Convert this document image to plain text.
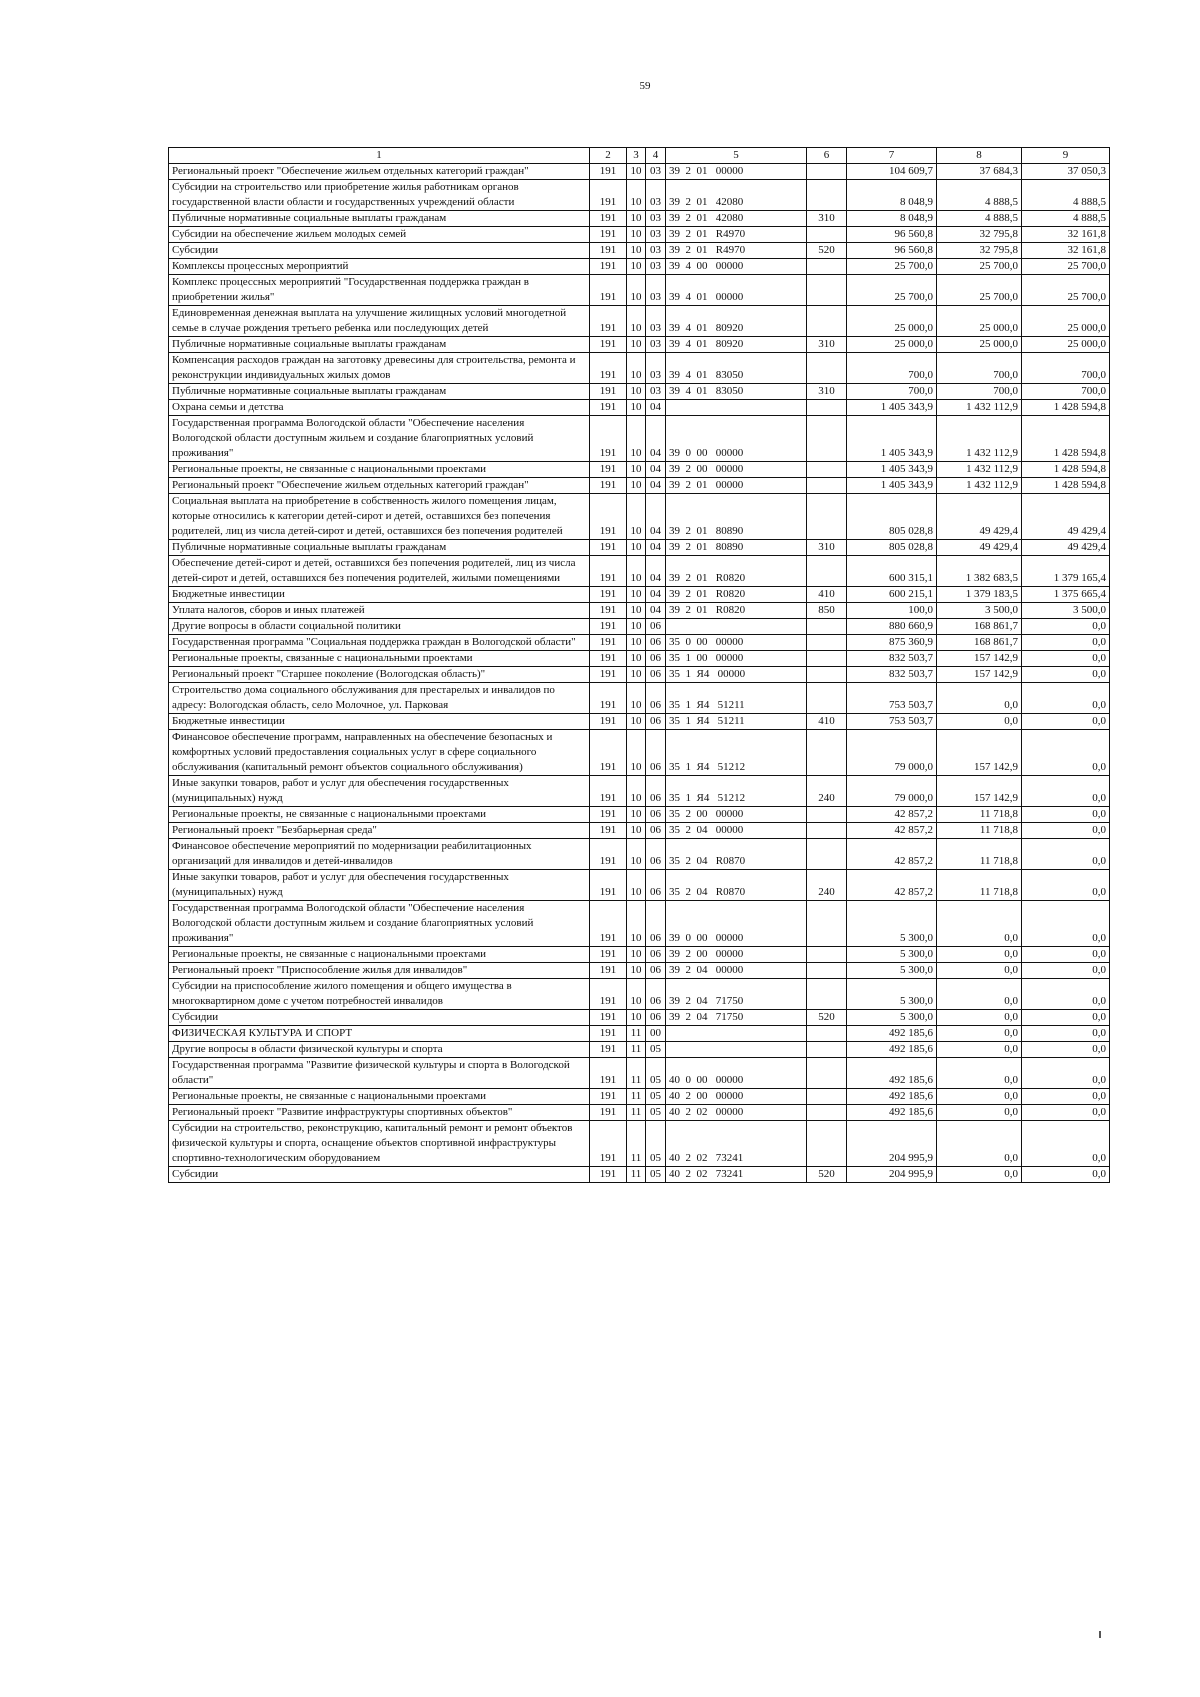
59
1	2	3	4	5	6	7	8	9
Региональный проект "Обеспечение жильем отдельных категорий граждан"	191	10	03	39  2  01   00000		104 609,7	37 684,3	37 050,3
Субсидии на строительство или приобретение жилья работникам органов государственной власти области и государственных учреждений области	191	10	03	39  2  01   42080		8 048,9	4 888,5	4 888,5
Публичные нормативные социальные выплаты гражданам	191	10	03	39  2  01   42080	310	8 048,9	4 888,5	4 888,5
Субсидии на обеспечение жильем молодых семей	191	10	03	39  2  01   R4970		96 560,8	32 795,8	32 161,8
Субсидии	191	10	03	39  2  01   R4970	520	96 560,8	32 795,8	32 161,8
Комплексы процессных мероприятий	191	10	03	39  4  00   00000		25 700,0	25 700,0	25 700,0
Комплекс процессных мероприятий "Государственная поддержка граждан в приобретении жилья"	191	10	03	39  4  01   00000		25 700,0	25 700,0	25 700,0
Единовременная денежная выплата на улучшение жилищных условий многодетной семье в случае рождения третьего ребенка или последующих детей	191	10	03	39  4  01   80920		25 000,0	25 000,0	25 000,0
Публичные нормативные социальные выплаты гражданам	191	10	03	39  4  01   80920	310	25 000,0	25 000,0	25 000,0
Компенсация расходов граждан на заготовку древесины для строительства, ремонта и реконструкции индивидуальных жилых домов	191	10	03	39  4  01   83050		700,0	700,0	700,0
Публичные нормативные социальные выплаты гражданам	191	10	03	39  4  01   83050	310	700,0	700,0	700,0
Охрана семьи и детства	191	10	04			1 405 343,9	1 432 112,9	1 428 594,8
Государственная программа Вологодской области "Обеспечение населения Вологодской области доступным жильем и создание благоприятных условий проживания"	191	10	04	39  0  00   00000		1 405 343,9	1 432 112,9	1 428 594,8
Региональные проекты, не связанные с национальными проектами	191	10	04	39  2  00   00000		1 405 343,9	1 432 112,9	1 428 594,8
Региональный проект "Обеспечение жильем отдельных категорий граждан"	191	10	04	39  2  01   00000		1 405 343,9	1 432 112,9	1 428 594,8
Социальная выплата на приобретение в собственность жилого помещения лицам, которые относились к категории детей-сирот и детей, оставшихся без попечения родителей, лиц из числа детей-сирот и детей, оставшихся без попечения родителей	191	10	04	39  2  01   80890		805 028,8	49 429,4	49 429,4
Публичные нормативные социальные выплаты гражданам	191	10	04	39  2  01   80890	310	805 028,8	49 429,4	49 429,4
Обеспечение детей-сирот и детей, оставшихся без попечения родителей, лиц из числа детей-сирот и детей, оставшихся без попечения родителей, жилыми помещениями	191	10	04	39  2  01   R0820		600 315,1	1 382 683,5	1 379 165,4
Бюджетные инвестиции	191	10	04	39  2  01   R0820	410	600 215,1	1 379 183,5	1 375 665,4
Уплата налогов, сборов и иных платежей	191	10	04	39  2  01   R0820	850	100,0	3 500,0	3 500,0
Другие вопросы в области социальной политики	191	10	06			880 660,9	168 861,7	0,0
Государственная программа "Социальная поддержка граждан в Вологодской области"	191	10	06	35  0  00   00000		875 360,9	168 861,7	0,0
Региональные проекты, связанные с национальными проектами	191	10	06	35  1  00   00000		832 503,7	157 142,9	0,0
Региональный проект "Старшее поколение (Вологодская область)"	191	10	06	35  1  Я4   00000		832 503,7	157 142,9	0,0
Строительство дома социального обслуживания для престарелых и инвалидов по адресу: Вологодская область, село Молочное, ул. Парковая	191	10	06	35  1  Я4   51211		753 503,7	0,0	0,0
Бюджетные инвестиции	191	10	06	35  1  Я4   51211	410	753 503,7	0,0	0,0
Финансовое обеспечение программ, направленных на обеспечение безопасных и комфортных условий предоставления социальных услуг в сфере социального обслуживания (капитальный ремонт объектов социального обслуживания)	191	10	06	35  1  Я4   51212		79 000,0	157 142,9	0,0
Иные закупки товаров, работ и услуг для обеспечения государственных (муниципальных) нужд	191	10	06	35  1  Я4   51212	240	79 000,0	157 142,9	0,0
Региональные проекты, не связанные с национальными проектами	191	10	06	35  2  00   00000		42 857,2	11 718,8	0,0
Региональный проект "Безбарьерная среда"	191	10	06	35  2  04   00000		42 857,2	11 718,8	0,0
Финансовое обеспечение мероприятий по модернизации реабилитационных организаций для инвалидов и детей-инвалидов	191	10	06	35  2  04   R0870		42 857,2	11 718,8	0,0
Иные закупки товаров, работ и услуг для обеспечения государственных (муниципальных) нужд	191	10	06	35  2  04   R0870	240	42 857,2	11 718,8	0,0
Государственная программа Вологодской области "Обеспечение населения Вологодской области доступным жильем и создание благоприятных условий проживания"	191	10	06	39  0  00   00000		5 300,0	0,0	0,0
Региональные проекты, не связанные с национальными проектами	191	10	06	39  2  00   00000		5 300,0	0,0	0,0
Региональный проект "Приспособление жилья для инвалидов"	191	10	06	39  2  04   00000		5 300,0	0,0	0,0
Субсидии на приспособление жилого помещения и общего имущества в многоквартирном доме с учетом потребностей инвалидов	191	10	06	39  2  04   71750		5 300,0	0,0	0,0
Субсидии	191	10	06	39  2  04   71750	520	5 300,0	0,0	0,0
ФИЗИЧЕСКАЯ КУЛЬТУРА И СПОРТ	191	11	00			492 185,6	0,0	0,0
Другие вопросы в области физической культуры и спорта	191	11	05			492 185,6	0,0	0,0
Государственная программа "Развитие физической культуры и спорта в Вологодской области"	191	11	05	40  0  00   00000		492 185,6	0,0	0,0
Региональные проекты, не связанные с национальными проектами	191	11	05	40  2  00   00000		492 185,6	0,0	0,0
Региональный проект "Развитие инфраструктуры спортивных объектов"	191	11	05	40  2  02   00000		492 185,6	0,0	0,0
Субсидии на строительство, реконструкцию, капитальный ремонт и ремонт объектов физической культуры и спорта, оснащение объектов спортивной инфраструктуры спортивно-технологическим оборудованием	191	11	05	40  2  02   73241		204 995,9	0,0	0,0
Субсидии	191	11	05	40  2  02   73241	520	204 995,9	0,0	0,0
